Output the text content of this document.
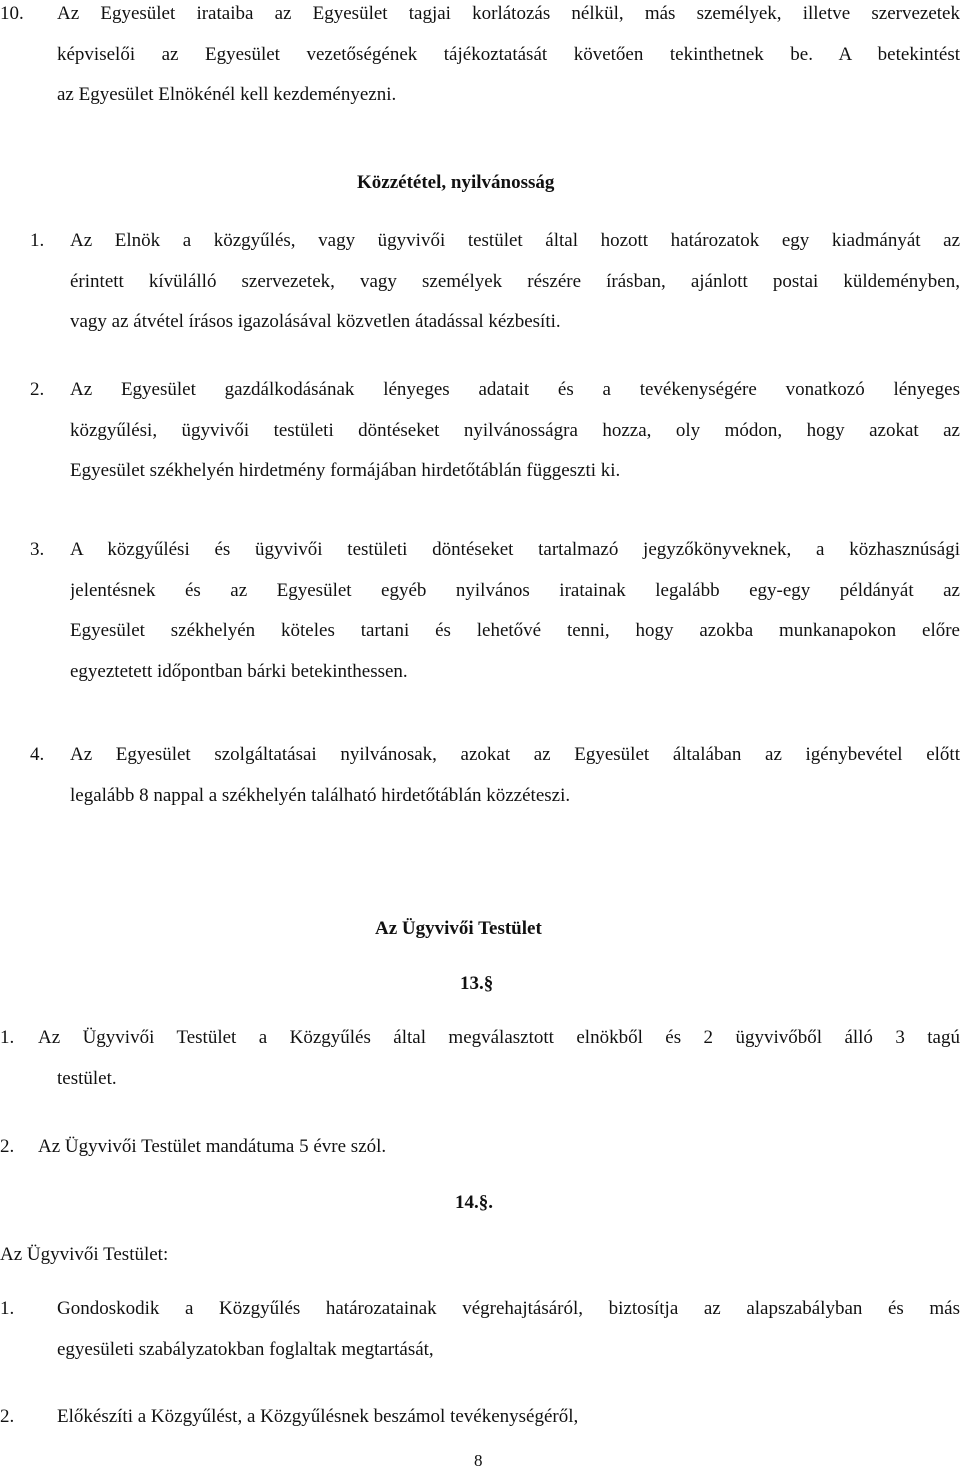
10. Az Egyesület irataiba az Egyesület tagjai korlátozás nélkül, más személyek, illetve szervezetek
képviselői az Egyesület vezetőségének tájékoztatását követően tekinthetnek be. A betekintést
az Egyesület Elnökénél kell kezdeményezni.
Közzététel, nyilvánosság
1. Az Elnök a közgyűlés, vagy ügyvivői testület által hozott határozatok egy kiadmányát az
érintett kívülálló szervezetek, vagy személyek részére írásban, ajánlott postai küldeményben,
vagy az átvétel írásos igazolásával közvetlen átadással kézbesíti.
2. Az Egyesület gazdálkodásának lényeges adatait és a tevékenységére vonatkozó lényeges
közgyűlési, ügyvivői testületi döntéseket nyilvánosságra hozza, oly módon, hogy azokat az
Egyesület székhelyén hirdetmény formájában hirdetőtáblán függeszti ki.
3. A közgyűlési és ügyvivői testületi döntéseket tartalmazó jegyzőkönyveknek, a közhasznúsági
jelentésnek és az Egyesület egyéb nyilvános iratainak legalább egy-egy példányát az
Egyesület székhelyén köteles tartani és lehetővé tenni, hogy azokba munkanapokon előre
egyeztetett időpontban bárki betekinthessen.
4. Az Egyesület szolgáltatásai nyilvánosak, azokat az Egyesület általában az igénybevétel előtt
legalább 8 nappal a székhelyén található hirdetőtáblán közzéteszi.
Az Ügyvivői Testület
13.§
1. Az Ügyvivői Testület a Közgyűlés által megválasztott elnökből és 2 ügyvivőből álló 3 tagú
testület.
2. Az Ügyvivői Testület mandátuma 5 évre szól.
14.§.
Az Ügyvivői Testület:
1. Gondoskodik a Közgyűlés határozatainak végrehajtásáról, biztosítja az alapszabályban és más
egyesületi szabályzatokban foglaltak megtartását,
2. Előkészíti a Közgyűlést, a Közgyűlésnek beszámol tevékenységéről,
8
